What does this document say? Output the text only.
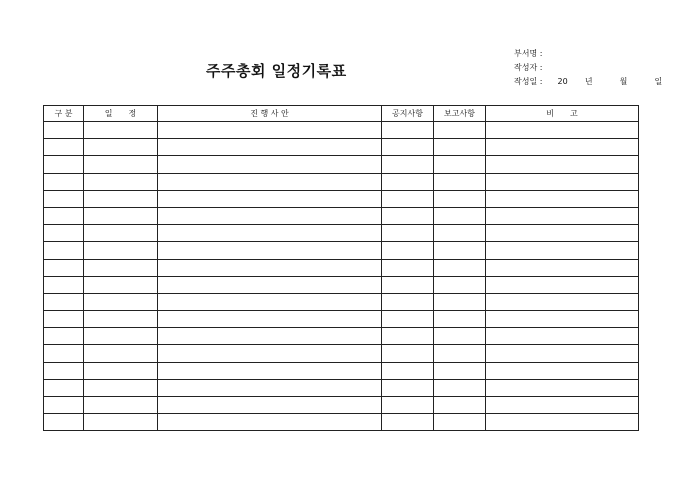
주주총회 일정기록표
부서명 :
작성자 :
작성일 : 20 년	월	일
구 분	일　　정	진 행 사 안	공지사항	보고사항	비　　고
